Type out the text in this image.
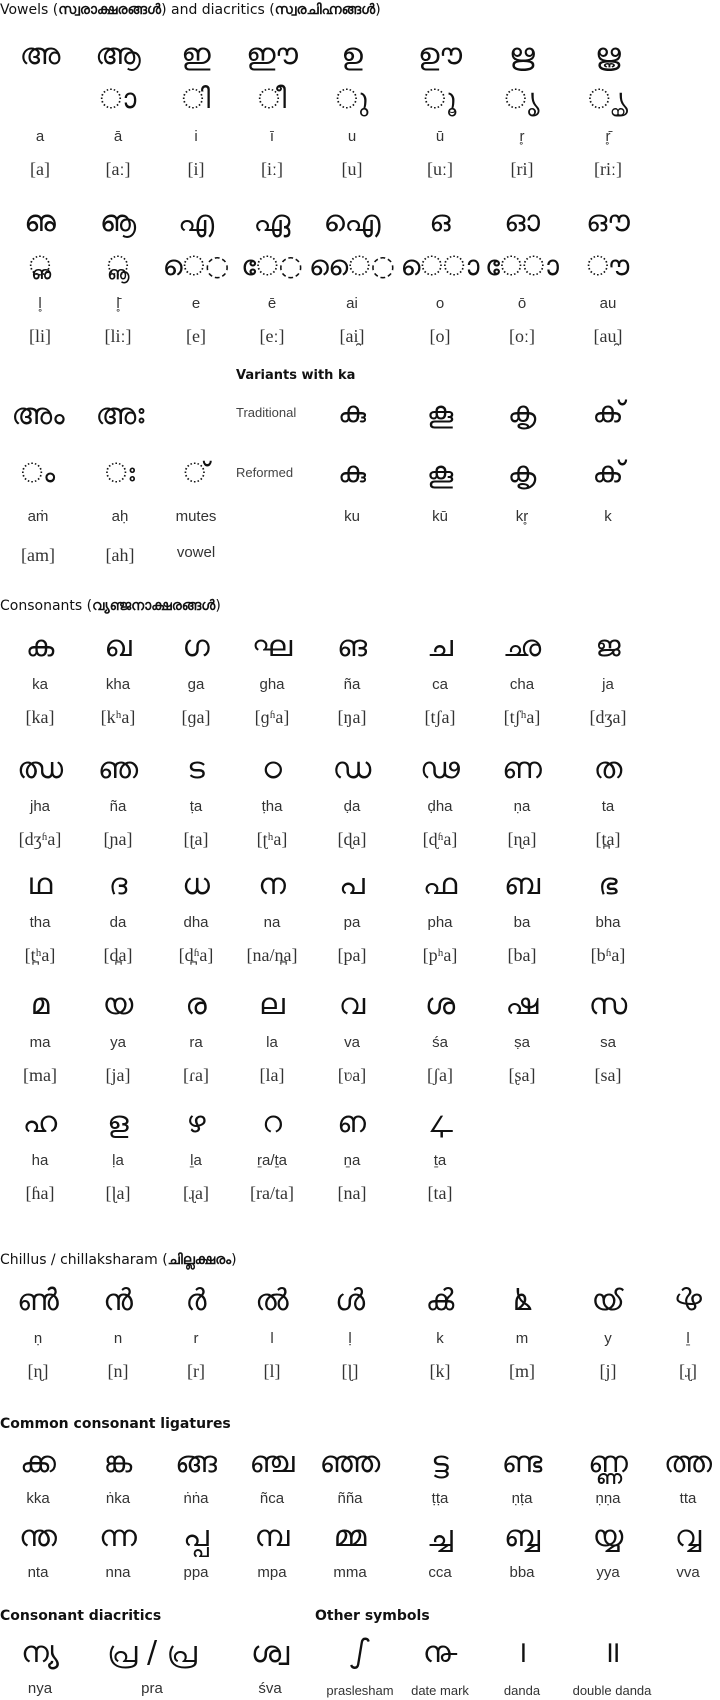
Vowels (സ്വരാക്ഷരങ്ങൾ) and diacritics (സ്വരചിഹ്നങ്ങൾ)
അ
a
[a]
ആ
◌ാ
ā
[aː]
ഇ
◌ി
i
[i]
ഈ
◌ീ
ī
[iː]
ഉ
◌ു
u
[u]
ഊ
◌ൂ
ū
[uː]
ഋ
◌ൃ
r̥
[ri]
ൠ
◌ൄ
r̥̄
[riː]
ഌ
◌ൢ
l̥
[li]
ൡ
◌ൣ
l̥̄
[liː]
എ
െ◌
e
[e]
ഏ
േ◌
ē
[eː]
ഐ
ൈ◌
ai
[ai̯]
ഒ
െ◌ാ
o
[o]
ഓ
േ◌ാ
ō
[oː]
ഔ
◌ൗ
au
[au̯]
അം
◌ം
aṁ
[am]
അഃ
◌ഃ
aḥ
[ah]
◌്
mutes
vowel
Variants with ka
Traditional
Reformed
കു
കു
ku
കൂ
കൂ
kū
കൃ
കൃ
kr̥
ക്
ക്
k
ക
ka
[ka]
ഖ
kha
[kʰa]
ഗ
ga
[ɡa]
ഘ
gha
[ɡʱa]
ങ
ña
[ŋa]
ച
ca
[tʃa]
ഛ
cha
[tʃʰa]
ജ
ja
[dʒa]
ഝ
jha
[dʒʱa]
ഞ
ña
[ɲa]
ട
ṭa
[ʈa]
ഠ
ṭha
[ʈʰa]
ഡ
ḍa
[ɖa]
ഢ
ḍha
[ɖʱa]
ണ
ṇa
[ɳa]
ത
ta
[t̪a]
ഥ
tha
[t̪ʰa]
ദ
da
[d̪a]
ധ
dha
[d̪ʱa]
ന
na
[na/n̪a]
പ
pa
[pa]
ഫ
pha
[pʰa]
ബ
ba
[ba]
ഭ
bha
[bʱa]
മ
ma
[ma]
യ
ya
[ja]
ര
ra
[ɾa]
ല
la
[la]
വ
va
[ʋa]
ശ
śa
[ʃa]
ഷ
ṣa
[ʂa]
സ
sa
[sa]
ഹ
ha
[ɦa]
ള
ḷa
[ɭa]
ഴ
ḻa
[ɻa]
റ
ṟa/ṯa
[ra/ta]
ഩ
ṉa
[na]
ഺ
ṯa
[ta]
Consonants (വ്യഞ്ജനാക്ഷരങ്ങൾ)
Chillus / chillaksharam (ചില്ലക്ഷരം)
ൺ
ṇ
[ɳ]
ൻ
n
[n]
ർ
r
[r]
ൽ
l
[l]
ൾ
ḷ
[ɭ]
ൿ
k
[k]
ൔ
m
[m]
ൕ
y
[j]
ൖ
ḻ
[ɻ]
Common consonant ligatures
ക്ക
kka
ങ്ക
ṅka
ങ്ങ
ṅṅa
ഞ്ച
ñca
ഞ്ഞ
ñña
ട്ട
ṭṭa
ണ്ട
ṇṭa
ണ്ണ
ṇṇa
ത്ത
tta
ന്ത
nta
ന്ന
nna
പ്പ
ppa
മ്പ
mpa
മ്മ
mma
ച്ച
cca
ബ്ബ
bba
യ്യ
yya
വ്വ
vva
Consonant diacritics	Other symbols
ന്യ
nya
പ്ര / പ്ര
pra
ശ്വ
śva
ഽ
praslesham
൹
date mark
।
danda
॥
double danda
